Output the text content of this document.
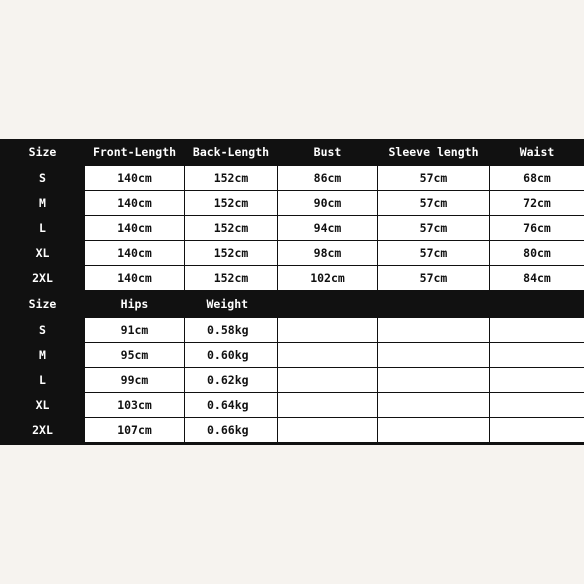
Size	Front-Length	Back-Length	Bust	Sleeve length	Waist
S	140cm	152cm	86cm	57cm	68cm
M	140cm	152cm	90cm	57cm	72cm
L	140cm	152cm	94cm	57cm	76cm
XL	140cm	152cm	98cm	57cm	80cm
2XL	140cm	152cm	102cm	57cm	84cm
Size	Hips	Weight			
S	91cm	0.58kg			
M	95cm	0.60kg			
L	99cm	0.62kg			
XL	103cm	0.64kg			
2XL	107cm	0.66kg			
